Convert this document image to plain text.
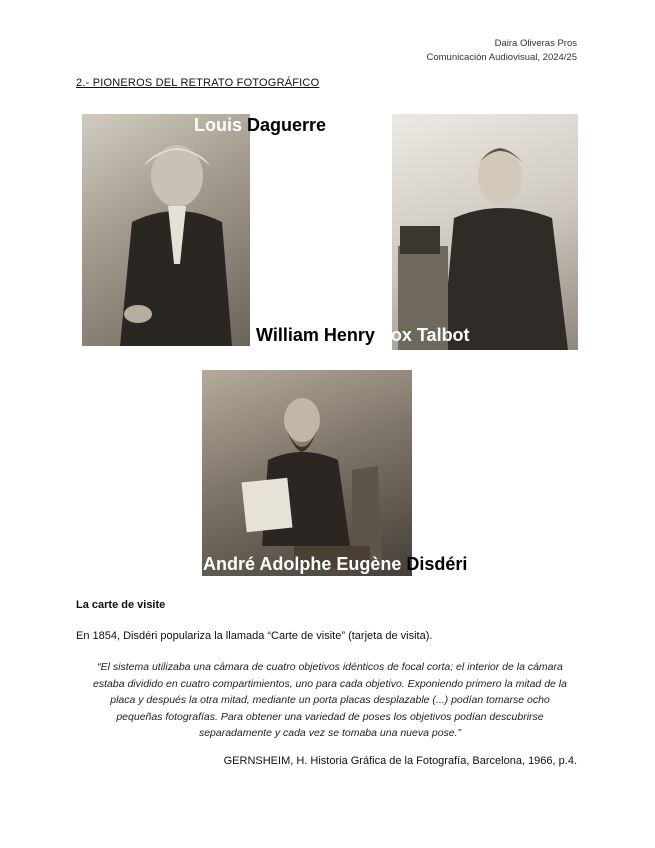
Daira Oliveras Pros
Comunicación Audiovisual, 2024/25
2.- PIONEROS DEL RETRATO FOTOGRÁFICO
Louis Daguerre
William Henry Fox Talbot
André Adolphe Eugène Disdéri
La carte de visite
En 1854, Disdéri populariza la llamada “Carte de visite” (tarjeta de visita).
“El sistema utilizaba una cámara de cuatro objetivos idénticos de focal corta; el interior de la cámara estaba dividido en cuatro compartimientos, uno para cada objetivo. Exponiendo primero la mitad de la placa y después la otra mitad, mediante un porta placas desplazable (...) podían tomarse ocho pequeñas fotografías. Para obtener una variedad de poses los objetivos podían descubrirse separadamente y cada vez se tomaba una nueva pose.”
GERNSHEIM, H. Historia Gráfica de la Fotografía, Barcelona, 1966, p.4.
